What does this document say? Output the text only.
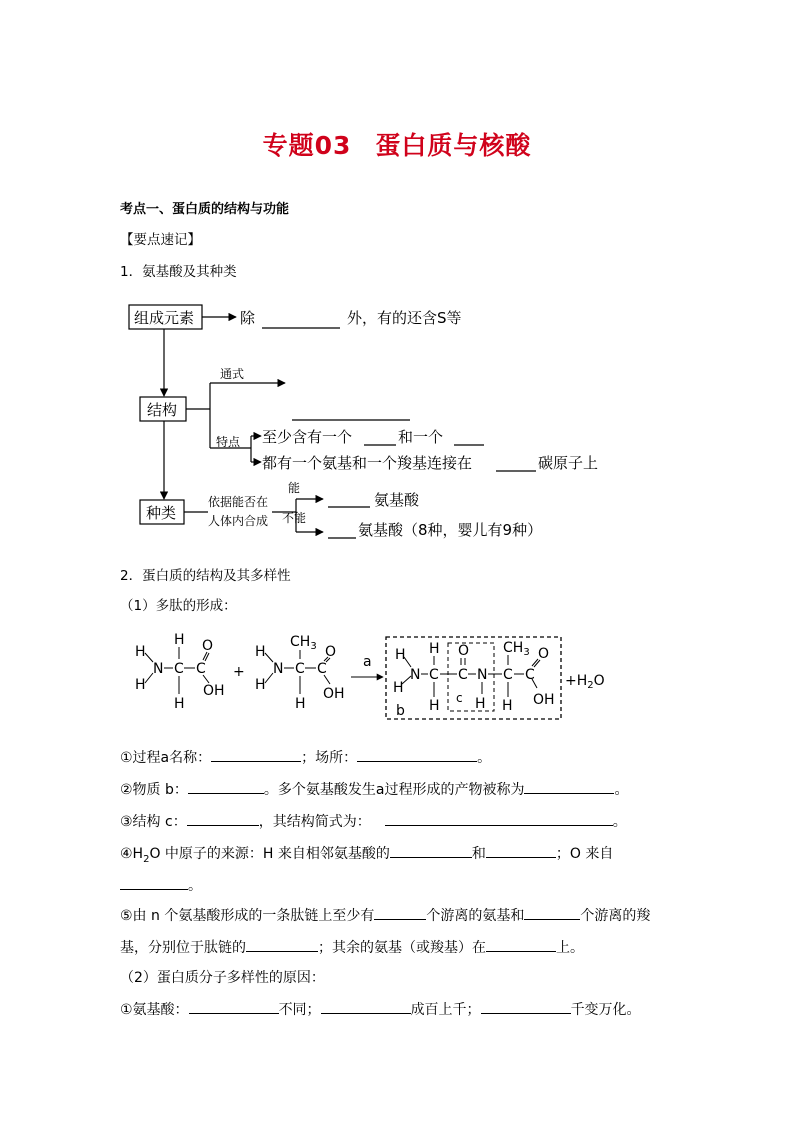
专题03 蛋白质与核酸
考点一、蛋白质的结构与功能
【要点速记】
1．氨基酸及其种类
组成元素	除	外，有的还含S等
结构
种类
至少含有一个	和一个
都有一个氨基和一个羧基连接在	碳原子上
氨基酸
氨基酸（8种，婴儿有9种）
通式
特点
依据能否在
人体内合成
能
不能
2．蛋白质的结构及其多样性
（1）多肽的形成：
H
H
N
H
C
H
C
O
OH
+
H
H
N
$CH_3$
C
H
C
O
OH
a H
H
b
N
H
C
H
C
O
c
N
H
C
H
$CH_3$
C
O
OH
$+H_2O$
①过程a名称：	；场所：	。
②物质 b：	。多个氨基酸发生a过程形成的产物被称为	。
③结构 c：	，其结构简式为：	。
$④H_2O$ 中原子的来源：H 来自相邻氨基酸的	和	；O 来自
。
⑤由 n 个氨基酸形成的一条肽链上至少有	个游离的氨基和	个游离的羧
基，分别位于肽链的	；其余的氨基（或羧基）在	上。
（2）蛋白质分子多样性的原因：
①氨基酸：	不同；	成百上千；	千变万化。
